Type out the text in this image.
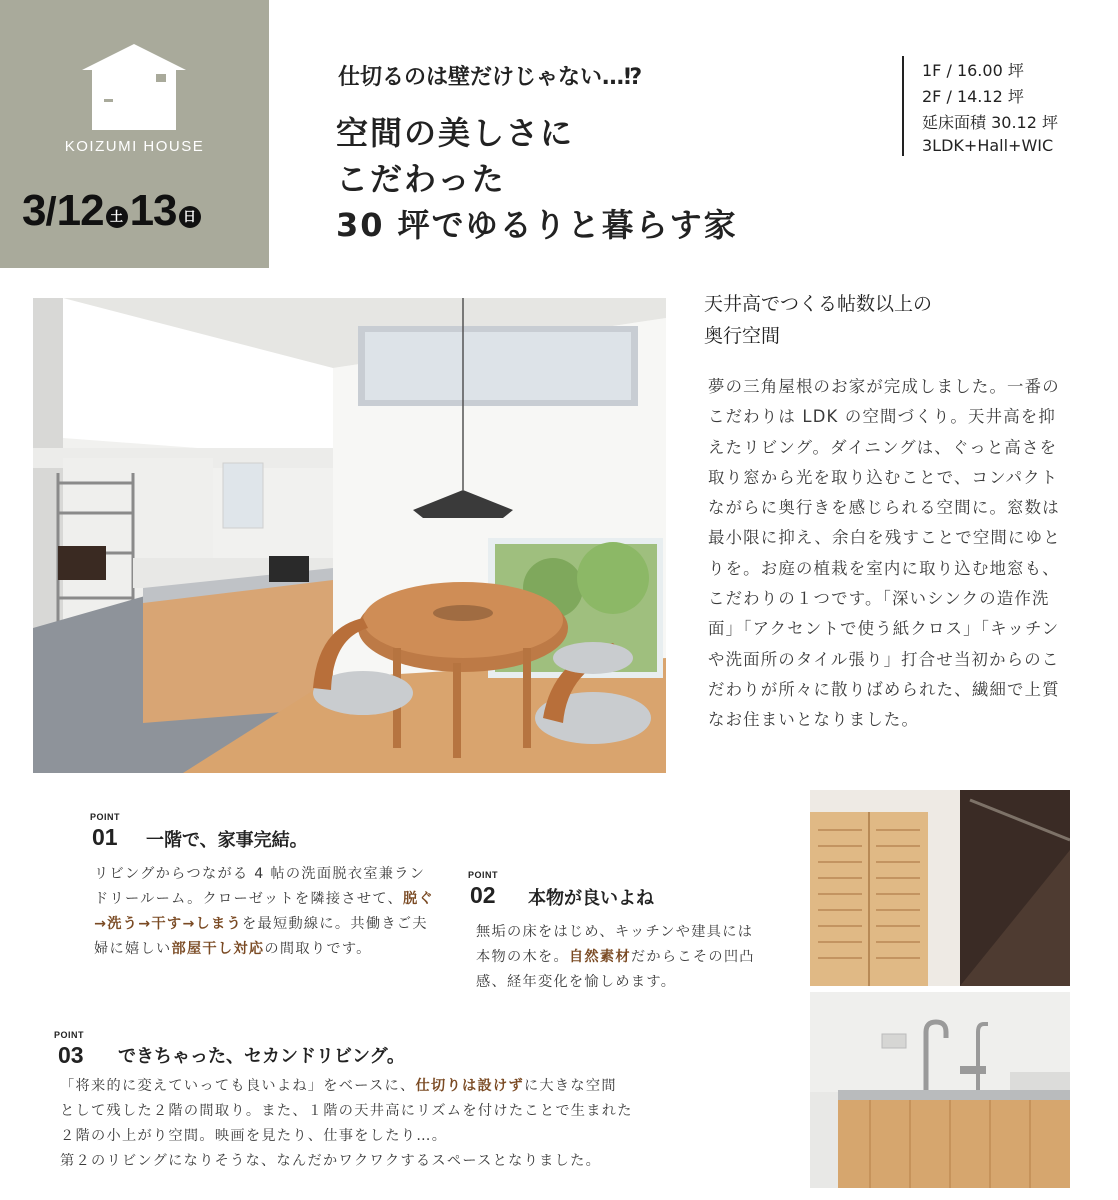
KOIZUMI HOUSE
3/12 土 13 日
仕切るのは壁だけじゃない…⁉
空間の美しさに
こだわった
30 坪でゆるりと暮らす家
1F / 16.00 坪
2F / 14.12 坪
延床面積 30.12 坪
3LDK+Hall+WIC
天井高でつくる帖数以上の
奥行空間
夢の三角屋根のお家が完成しました。一番のこだわりは LDK の空間づくり。天井高を抑えたリビング。ダイニングは、ぐっと高さを取り窓から光を取り込むことで、コンパクトながらに奥行きを感じられる空間に。窓数は最小限に抑え、余白を残すことで空間にゆとりを。お庭の植栽を室内に取り込む地窓も、こだわりの１つです。「深いシンクの造作洗面」「アクセントで使う紙クロス」「キッチンや洗面所のタイル張り」打合せ当初からのこだわりが所々に散りばめられた、繊細で上質なお住まいとなりました。
POINT
01 一階で、家事完結。
リビングからつながる 4 帖の洗面脱衣室兼ランドリールーム。クローゼットを隣接させて、脱ぐ→洗う→干す→しまうを最短動線に。共働きご夫婦に嬉しい部屋干し対応の間取りです。
POINT
02 本物が良いよね
無垢の床をはじめ、キッチンや建具には本物の木を。自然素材だからこその凹凸感、経年変化を愉しめます。
POINT
03 できちゃった、セカンドリビング。
「将来的に変えていっても良いよね」をベースに、仕切りは設けずに大きな空間
として残した２階の間取り。また、１階の天井高にリズムを付けたことで生まれた
２階の小上がり空間。映画を見たり、仕事をしたり…。
第２のリビングになりそうな、なんだかワクワクするスペースとなりました。
